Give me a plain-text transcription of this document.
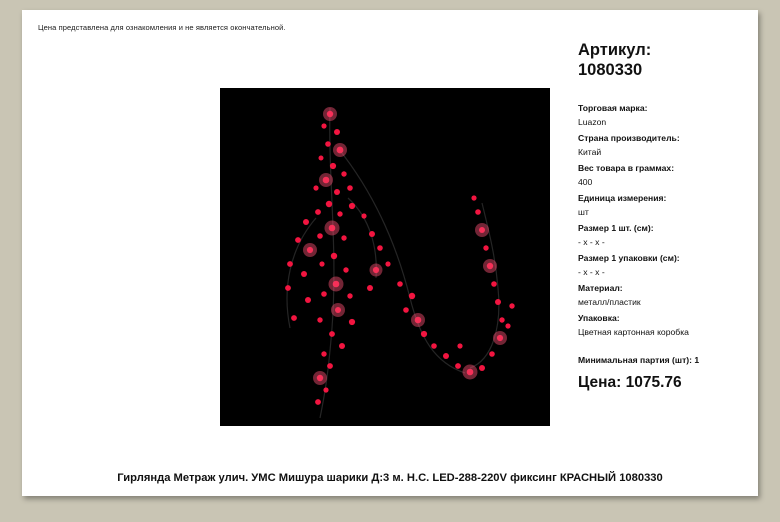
Цена представлена для ознакомления и не является окончательной.
Артикул:
1080330
Торговая марка:
Luazon
Страна производитель:
Китай
Вес товара в граммах:
400
Единица измерения:
шт
Размер 1 шт. (см):
- x - x -
Размер 1 упаковки (см):
- x - x -
Материал:
металл/пластик
Упаковка:
Цветная картонная коробка
Минимальная партия (шт): 1
Цена: 1075.76
Гирлянда Метраж улич. УМС Мишура шарики Д:3 м. Н.С. LED-288-220V фиксинг КРАСНЫЙ 1080330
